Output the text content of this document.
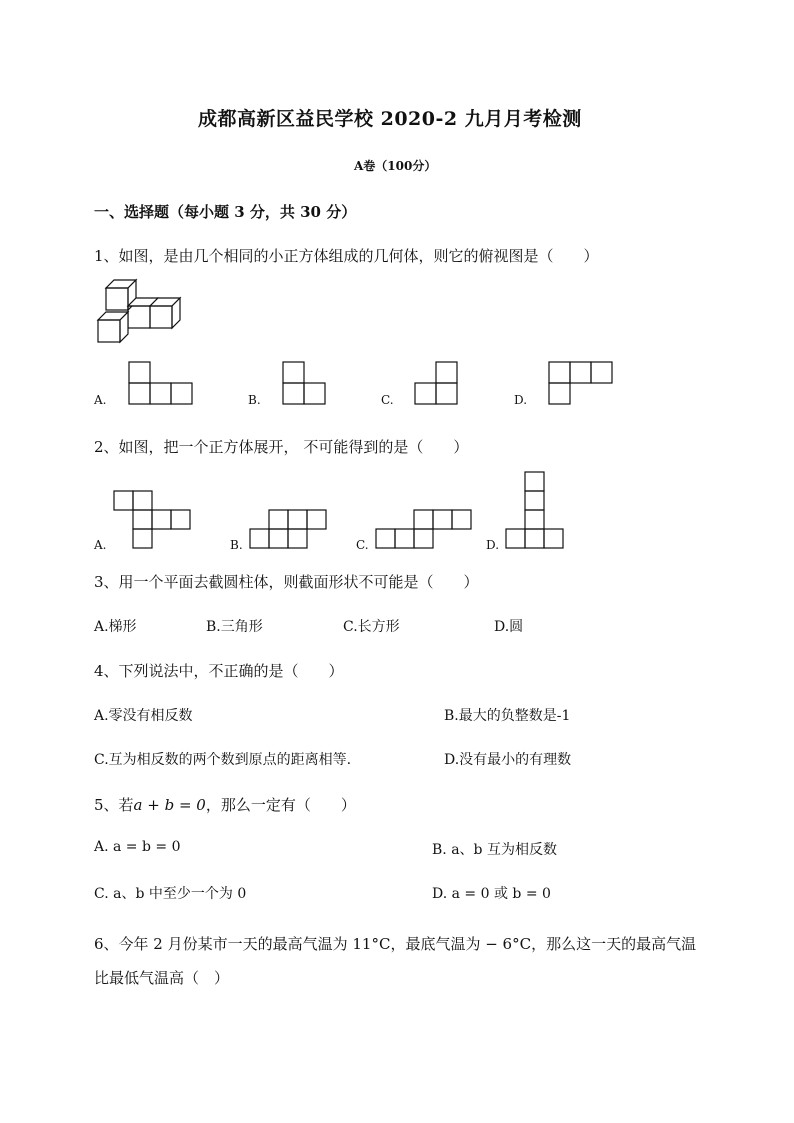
成都高新区益民学校 2020-2 九月月考检测
A卷（100分）
一、选择题（每小题 3 分，共 30 分）
1、如图，是由几个相同的小正方体组成的几何体，则它的俯视图是（　　）
A.	B.	C.	D.
2、如图，把一个正方体展开， 不可能得到的是（　　）
A.	B.	C.	D.
3、用一个平面去截圆柱体，则截面形状不可能是（　　）
A.梯形	B.三角形	C.长方形	D.圆
4、下列说法中，不正确的是（　　）
A.零没有相反数	B.最大的负整数是-1
C.互为相反数的两个数到原点的距离相等.	D.没有最小的有理数
5、若a + b = 0，那么一定有（　　）
A. a = b = 0	B. a、b 互为相反数
C. a、b 中至少一个为 0	D. a = 0 或 b = 0
6、今年 2 月份某市一天的最高气温为 11°C，最底气温为 − 6°C，那么这一天的最高气温
比最低气温高（　）
